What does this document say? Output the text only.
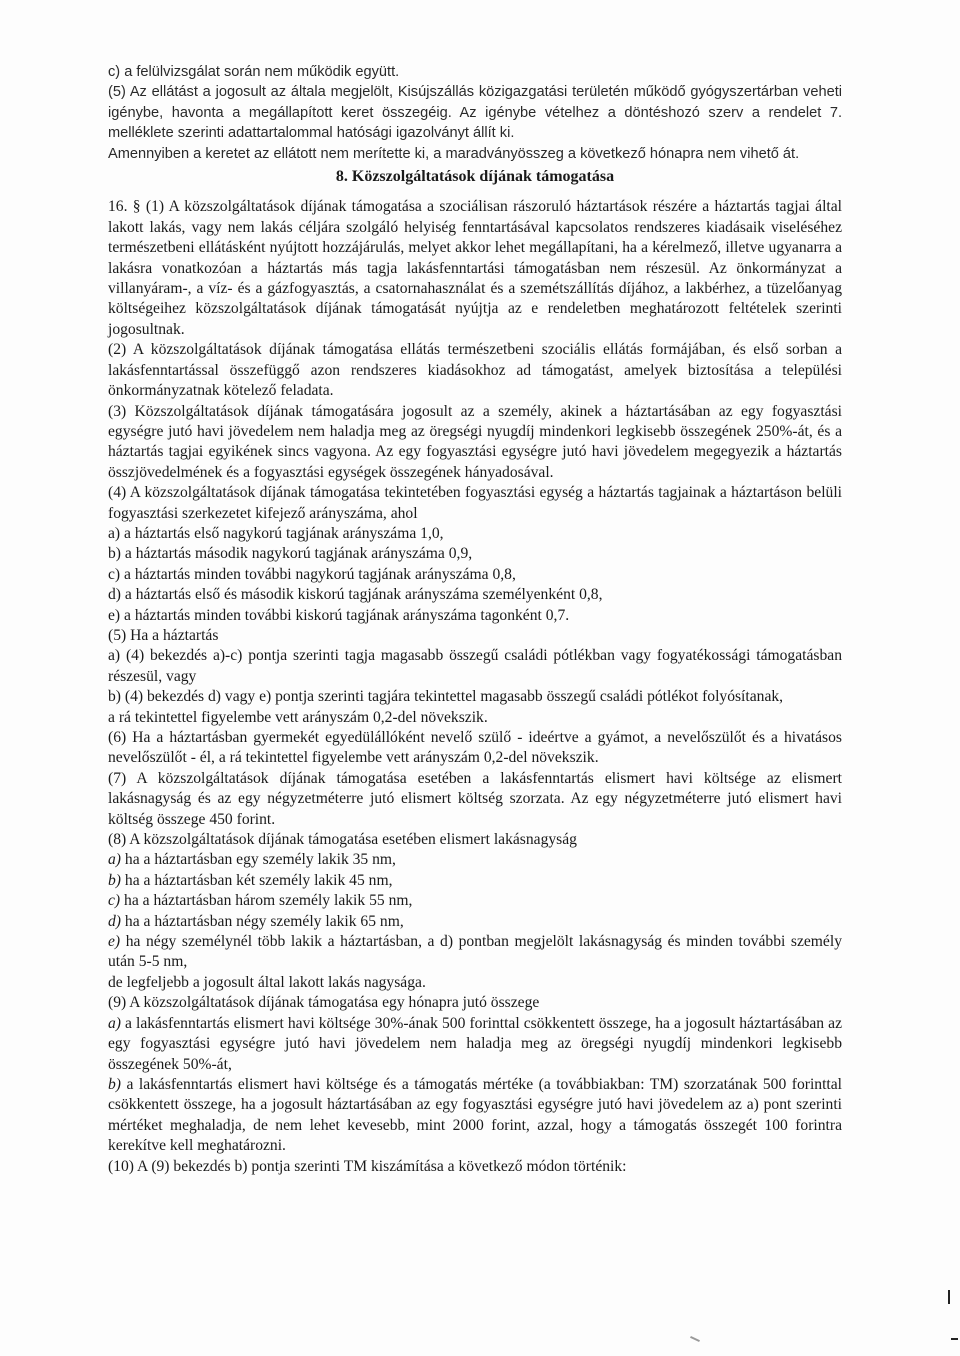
c) a felülvizsgálat során nem működik együtt.

(5) Az ellátást a jogosult az általa megjelölt, Kisújszállás közigazgatási területén működő gyógyszertárban veheti igénybe, havonta a megállapított keret összegéig. Az igénybe vételhez a döntéshozó szerv a rendelet 7. melléklete szerinti adattartalommal hatósági igazolványt állít ki.

Amennyiben a keretet az ellátott nem merítette ki, a maradványösszeg a következő hónapra nem vihető át.

8. Közszolgáltatások díjának támogatása

16. § (1) A közszolgáltatások díjának támogatása a szociálisan rászoruló háztartások részére a háztartás tagjai által lakott lakás, vagy nem lakás céljára szolgáló helyiség fenntartásával kapcsolatos rendszeres kiadásaik viseléséhez természetbeni ellátásként nyújtott hozzájárulás, melyet akkor lehet megállapítani, ha a kérelmező, illetve ugyanarra a lakásra vonatkozóan a háztartás más tagja lakásfenntartási támogatásban nem részesül. Az önkormányzat a villanyáram-, a víz- és a gázfogyasztás, a csatornahasználat és a szemétszállítás díjához, a lakbérhez, a tüzelőanyag költségeihez közszolgáltatások díjának támogatását nyújtja az e rendeletben meghatározott feltételek szerinti jogosultnak.

(2) A közszolgáltatások díjának támogatása ellátás természetbeni szociális ellátás formájában, és első sorban a lakásfenntartással összefüggő azon rendszeres kiadásokhoz ad támogatást, amelyek biztosítása a települési önkormányzatnak kötelező feladata.

(3) Közszolgáltatások díjának támogatására jogosult az a személy, akinek a háztartásában az egy fogyasztási egységre jutó havi jövedelem nem haladja meg az öregségi nyugdíj mindenkori legkisebb összegének 250%-át, és a háztartás tagjai egyikének sincs vagyona. Az egy fogyasztási egységre jutó havi jövedelem megegyezik a háztartás összjövedelmének és a fogyasztási egységek összegének hányadosával.

(4) A közszolgáltatások díjának támogatása tekintetében fogyasztási egység a háztartás tagjainak a háztartáson belüli fogyasztási szerkezetet kifejező arányszáma, ahol

a) a háztartás első nagykorú tagjának arányszáma 1,0,

b) a háztartás második nagykorú tagjának arányszáma 0,9,

c) a háztartás minden további nagykorú tagjának arányszáma 0,8,

d) a háztartás első és második kiskorú tagjának arányszáma személyenként 0,8,

e) a háztartás minden további kiskorú tagjának arányszáma tagonként 0,7.

(5) Ha a háztartás

a) (4) bekezdés a)-c) pontja szerinti tagja magasabb összegű családi pótlékban vagy fogyatékossági támogatásban részesül, vagy

b) (4) bekezdés d) vagy e) pontja szerinti tagjára tekintettel magasabb összegű családi pótlékot folyósítanak,

a rá tekintettel figyelembe vett arányszám 0,2-del növekszik.

(6) Ha a háztartásban gyermekét egyedülállóként nevelő szülő - ideértve a gyámot, a nevelőszülőt és a hivatásos nevelőszülőt - él, a rá tekintettel figyelembe vett arányszám 0,2-del növekszik.

(7) A közszolgáltatások díjának támogatása esetében a lakásfenntartás elismert havi költsége az elismert lakásnagyság és az egy négyzetméterre jutó elismert költség szorzata. Az egy négyzetméterre jutó elismert havi költség összege 450 forint.

(8) A közszolgáltatások díjának támogatása esetében elismert lakásnagyság

a) ha a háztartásban egy személy lakik 35 nm,

b) ha a háztartásban két személy lakik 45 nm,

c) ha a háztartásban három személy lakik 55 nm,

d) ha a háztartásban négy személy lakik 65 nm,

e) ha négy személynél több lakik a háztartásban, a d) pontban megjelölt lakásnagyság és minden további személy után 5-5 nm,

de legfeljebb a jogosult által lakott lakás nagysága.

(9) A közszolgáltatások díjának támogatása egy hónapra jutó összege

a) a lakásfenntartás elismert havi költsége 30%-ának 500 forinttal csökkentett összege, ha a jogosult háztartásában az egy fogyasztási egységre jutó havi jövedelem nem haladja meg az öregségi nyugdíj mindenkori legkisebb összegének 50%-át,

b) a lakásfenntartás elismert havi költsége és a támogatás mértéke (a továbbiakban: TM) szorzatának 500 forinttal csökkentett összege, ha a jogosult háztartásában az egy fogyasztási egységre jutó havi jövedelem az a) pont szerinti mértéket meghaladja, de nem lehet kevesebb, mint 2000 forint, azzal, hogy a támogatás összegét 100 forintra kerekítve kell meghatározni.

(10) A (9) bekezdés b) pontja szerinti TM kiszámítása a következő módon történik:
